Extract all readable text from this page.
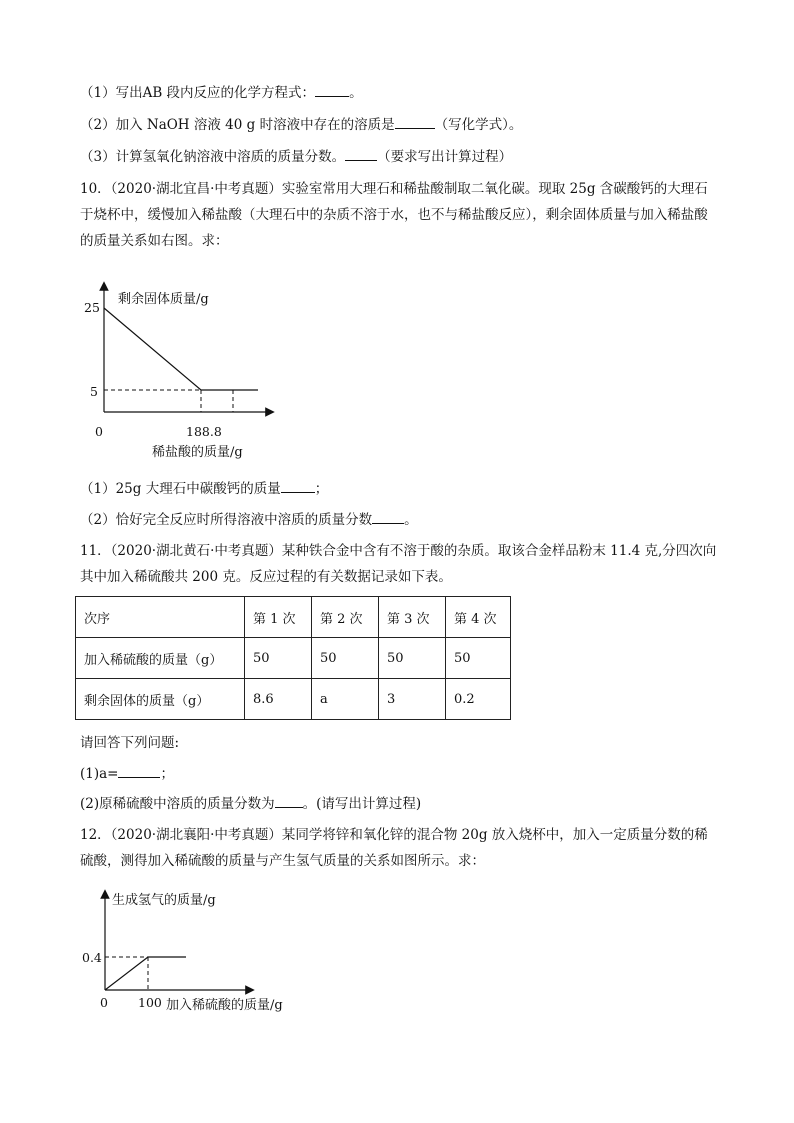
（1）写出AB 段内反应的化学方程式：	。
（2）加入 NaOH 溶液 40 g 时溶液中存在的溶质是	（写化学式）。
（3）计算氢氧化钠溶液中溶质的质量分数。 （要求写出计算过程）
10．（2020·湖北宜昌·中考真题）实验室常用大理石和稀盐酸制取二氧化碳。现取 25g 含碳酸钙的大理石于烧杯中，缓慢加入稀盐酸（大理石中的杂质不溶于水，也不与稀盐酸反应），剩余固体质量与加入稀盐酸的质量关系如右图。求：
剩余固体质量/g
25
5
0	188.8
稀盐酸的质量/g
（1）25g 大理石中碳酸钙的质量	；
（2）恰好完全反应时所得溶液中溶质的质量分数 。
11．（2020·湖北黄石·中考真题）某种铁合金中含有不溶于酸的杂质。取该合金样品粉末 11.4 克,分四次向其中加入稀硫酸共 200 克。反应过程的有关数据记录如下表。
次序	第 1 次	第 2 次	第 3 次	第 4 次
加入稀硫酸的质量（g）	50	50	50	50
剩余固体的质量（g）	8.6	a	3	0.2
请回答下列问题:
(1)a=	；
(2)原稀硫酸中溶质的质量分数为 。(请写出计算过程)
12．（2020·湖北襄阳·中考真题）某同学将锌和氧化锌的混合物 20g 放入烧杯中，加入一定质量分数的稀硫酸，测得加入稀硫酸的质量与产生氢气质量的关系如图所示。求：
生成氢气的质量/g
0.4
0 100 加入稀硫酸的质量/g
